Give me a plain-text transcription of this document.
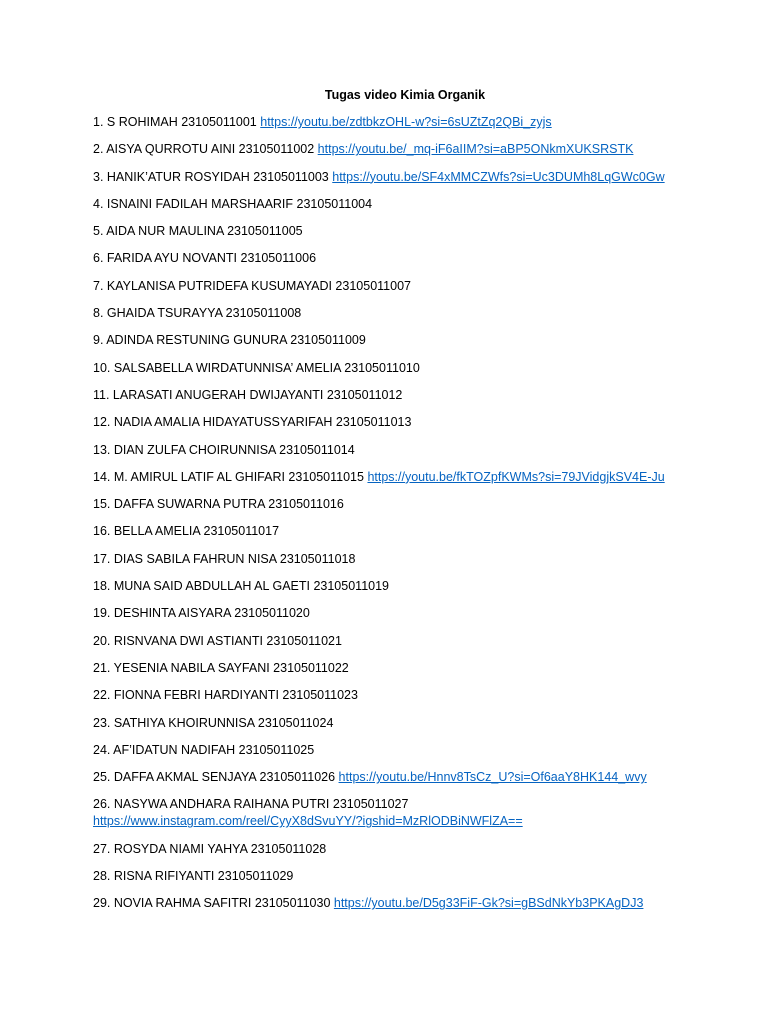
Tugas video Kimia Organik
1. S ROHIMAH 23105011001 https://youtu.be/zdtbkzOHL-w?si=6sUZtZq2QBi_zyjs
2. AISYA QURROTU AINI 23105011002 https://youtu.be/_mq-iF6aIIM?si=aBP5ONkmXUKSRSTK
3. HANIK’ATUR ROSYIDAH 23105011003 https://youtu.be/SF4xMMCZWfs?si=Uc3DUMh8LqGWc0Gw
4. ISNAINI FADILAH MARSHAARIF 23105011004
5. AIDA NUR MAULINA 23105011005
6. FARIDA AYU NOVANTI 23105011006
7. KAYLANISA PUTRIDEFA KUSUMAYADI 23105011007
8. GHAIDA TSURAYYA 23105011008
9. ADINDA RESTUNING GUNURA 23105011009
10. SALSABELLA WIRDATUNNISA’ AMELIA 23105011010
11. LARASATI ANUGERAH DWIJAYANTI 23105011012
12. NADIA AMALIA HIDAYATUSSYARIFAH 23105011013
13. DIAN ZULFA CHOIRUNNISA 23105011014
14. M. AMIRUL LATIF AL GHIFARI 23105011015 https://youtu.be/fkTOZpfKWMs?si=79JVidgjkSV4E-Ju
15. DAFFA SUWARNA PUTRA 23105011016
16. BELLA AMELIA 23105011017
17. DIAS SABILA FAHRUN NISA 23105011018
18. MUNA SAID ABDULLAH AL GAETI 23105011019
19. DESHINTA AISYARA 23105011020
20. RISNVANA DWI ASTIANTI 23105011021
21. YESENIA NABILA SAYFANI 23105011022
22. FIONNA FEBRI HARDIYANTI 23105011023
23. SATHIYA KHOIRUNNISA 23105011024
24. AF’IDATUN NADIFAH 23105011025
25. DAFFA AKMAL SENJAYA 23105011026 https://youtu.be/Hnnv8TsCz_U?si=Of6aaY8HK144_wvy
26. NASYWA ANDHARA RAIHANA PUTRI 23105011027
https://www.instagram.com/reel/CyyX8dSvuYY/?igshid=MzRlODBiNWFlZA==
27. ROSYDA NIAMI YAHYA 23105011028
28. RISNA RIFIYANTI 23105011029
29. NOVIA RAHMA SAFITRI 23105011030 https://youtu.be/D5g33FiF-Gk?si=gBSdNkYb3PKAgDJ3
